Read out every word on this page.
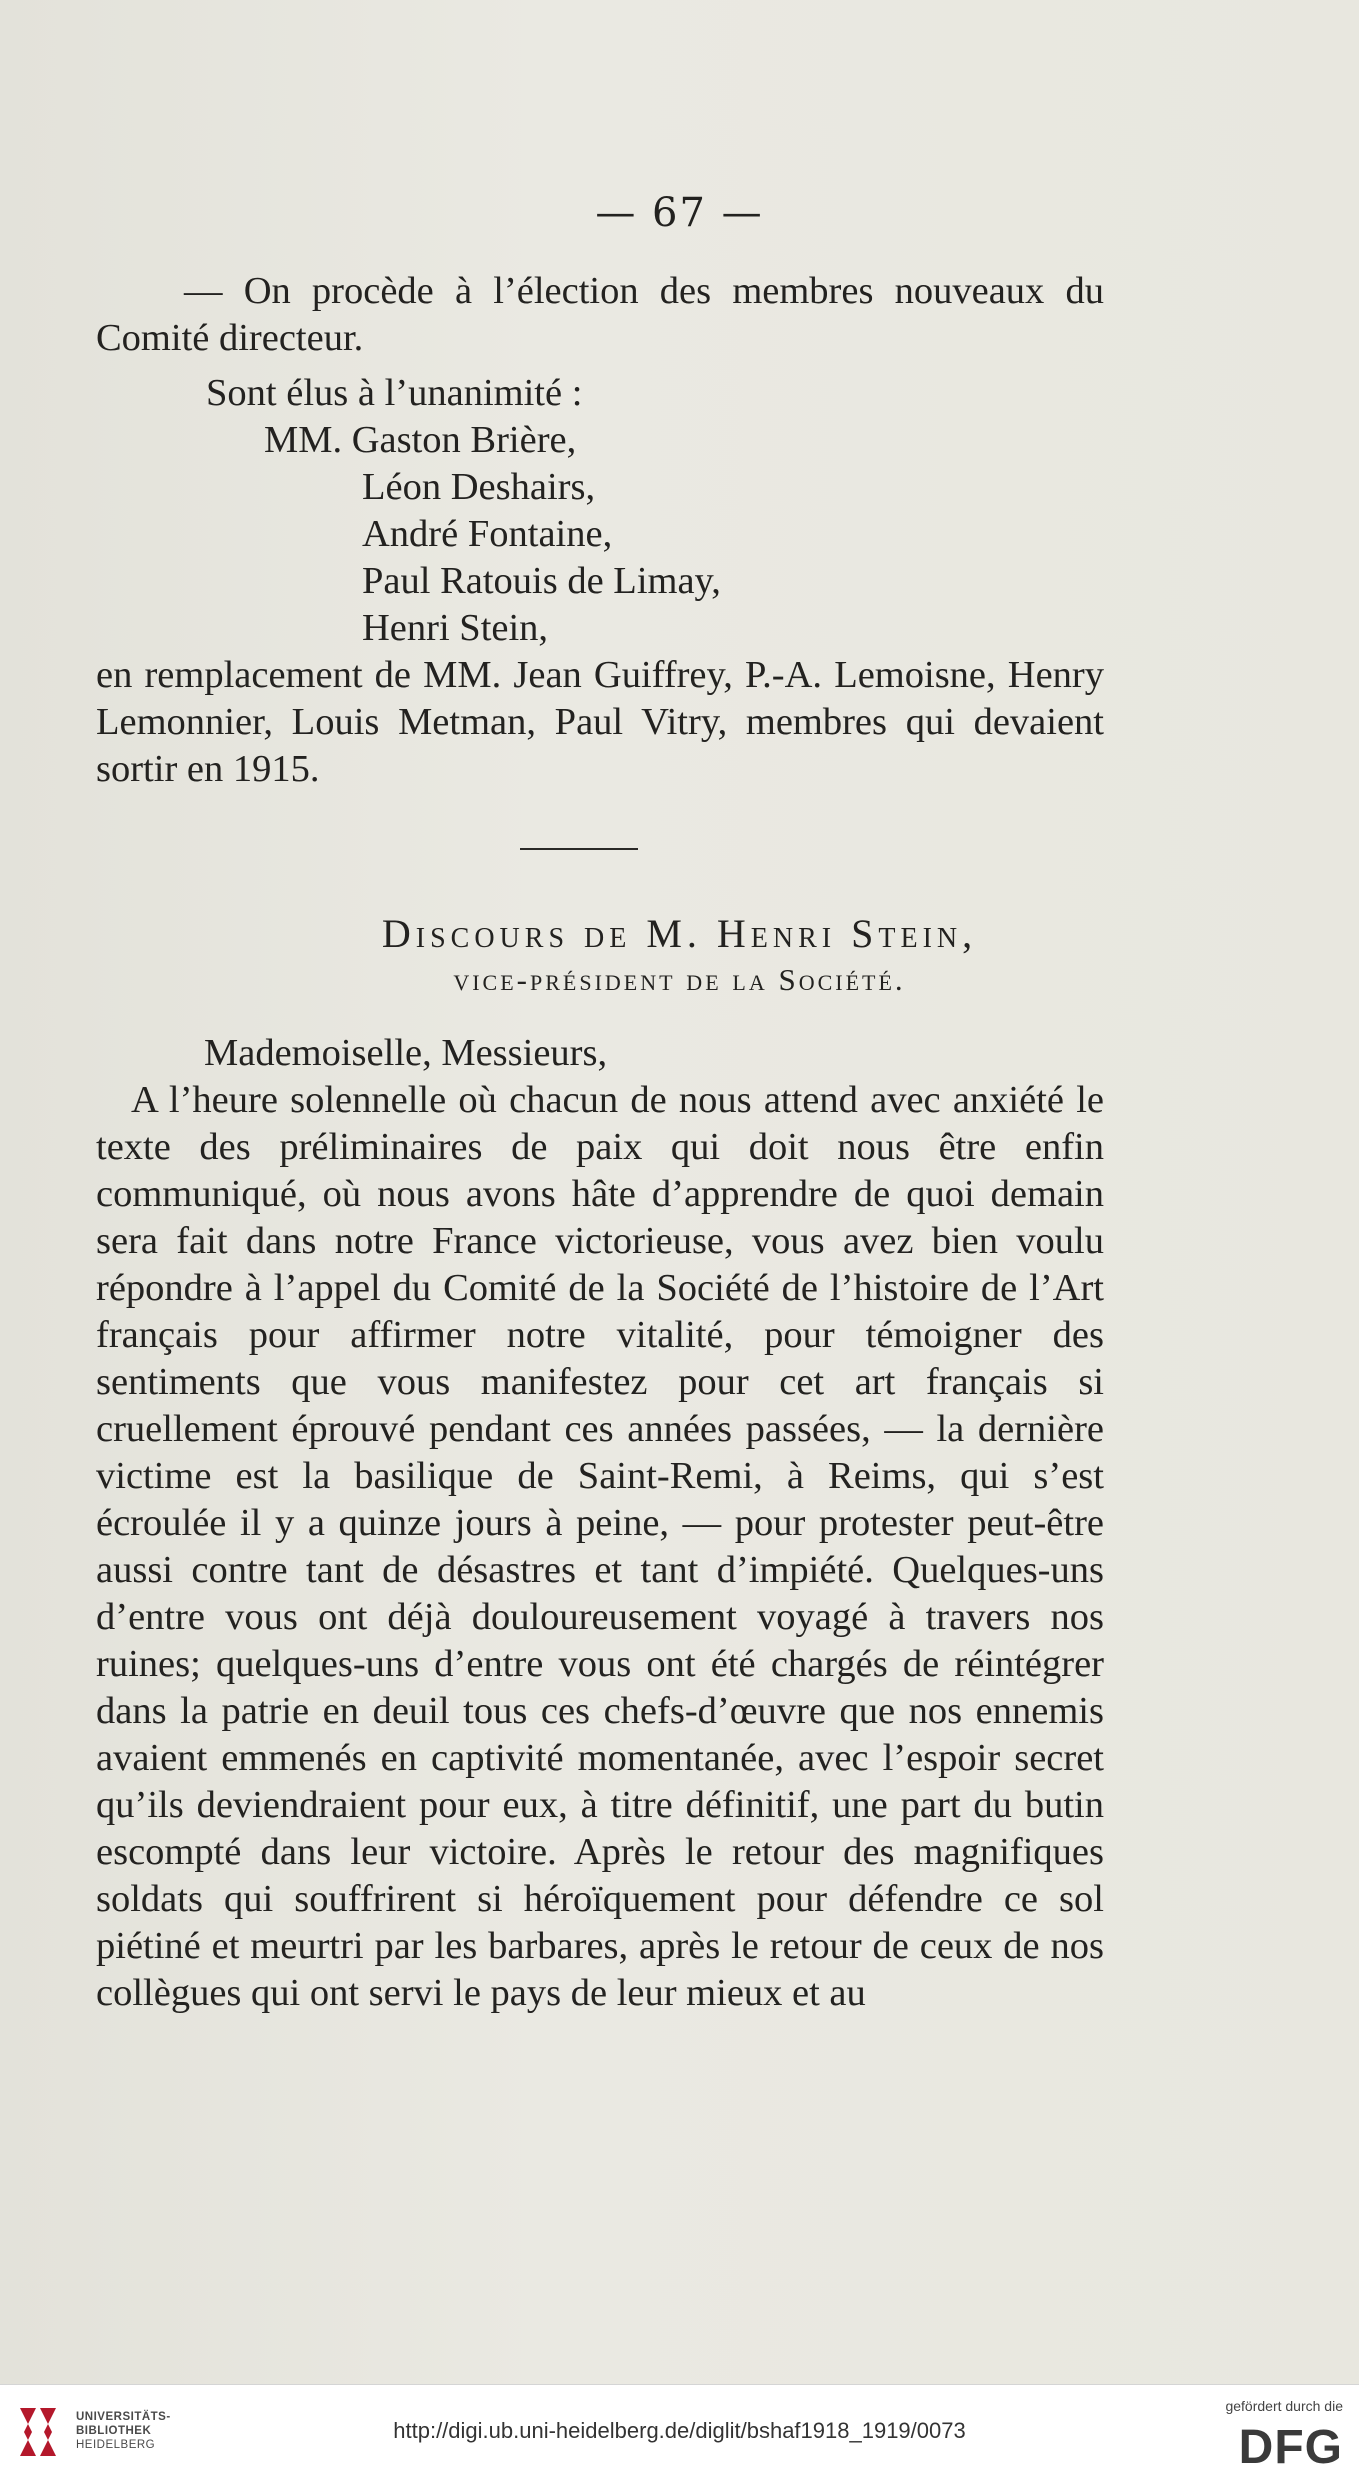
— 67 —

— On procède à l’élection des membres nouveaux du Comité directeur.

Sont élus à l’unanimité :

MM. Gaston Brière,
Léon Deshairs,
André Fontaine,
Paul Ratouis de Limay,
Henri Stein,

en remplacement de MM. Jean Guiffrey, P.-A. Lemoisne, Henry Lemonnier, Louis Metman, Paul Vitry, membres qui devaient sortir en 1915.

Discours de M. Henri Stein,
vice-président de la Société.

Mademoiselle, Messieurs,

A l’heure solennelle où chacun de nous attend avec anxiété le texte des préliminaires de paix qui doit nous être enfin communiqué, où nous avons hâte d’apprendre de quoi demain sera fait dans notre France victorieuse, vous avez bien voulu répondre à l’appel du Comité de la Société de l’histoire de l’Art français pour affirmer notre vitalité, pour témoigner des sentiments que vous manifestez pour cet art français si cruellement éprouvé pendant ces années passées, — la dernière victime est la basilique de Saint-Remi, à Reims, qui s’est écroulée il y a quinze jours à peine, — pour protester peut-être aussi contre tant de désastres et tant d’impiété. Quelques-uns d’entre vous ont déjà douloureusement voyagé à travers nos ruines; quelques-uns d’entre vous ont été chargés de réintégrer dans la patrie en deuil tous ces chefs-d’œuvre que nos ennemis avaient emmenés en captivité momentanée, avec l’espoir secret qu’ils deviendraient pour eux, à titre définitif, une part du butin escompté dans leur victoire. Après le retour des magnifiques soldats qui souffrirent si héroïquement pour défendre ce sol piétiné et meurtri par les barbares, après le retour de ceux de nos collègues qui ont servi le pays de leur mieux et au

UNIVERSITÄTS-
BIBLIOTHEK
HEIDELBERG
http://digi.ub.uni-heidelberg.de/diglit/bshaf1918_1919/0073
gefördert durch die
DFG
